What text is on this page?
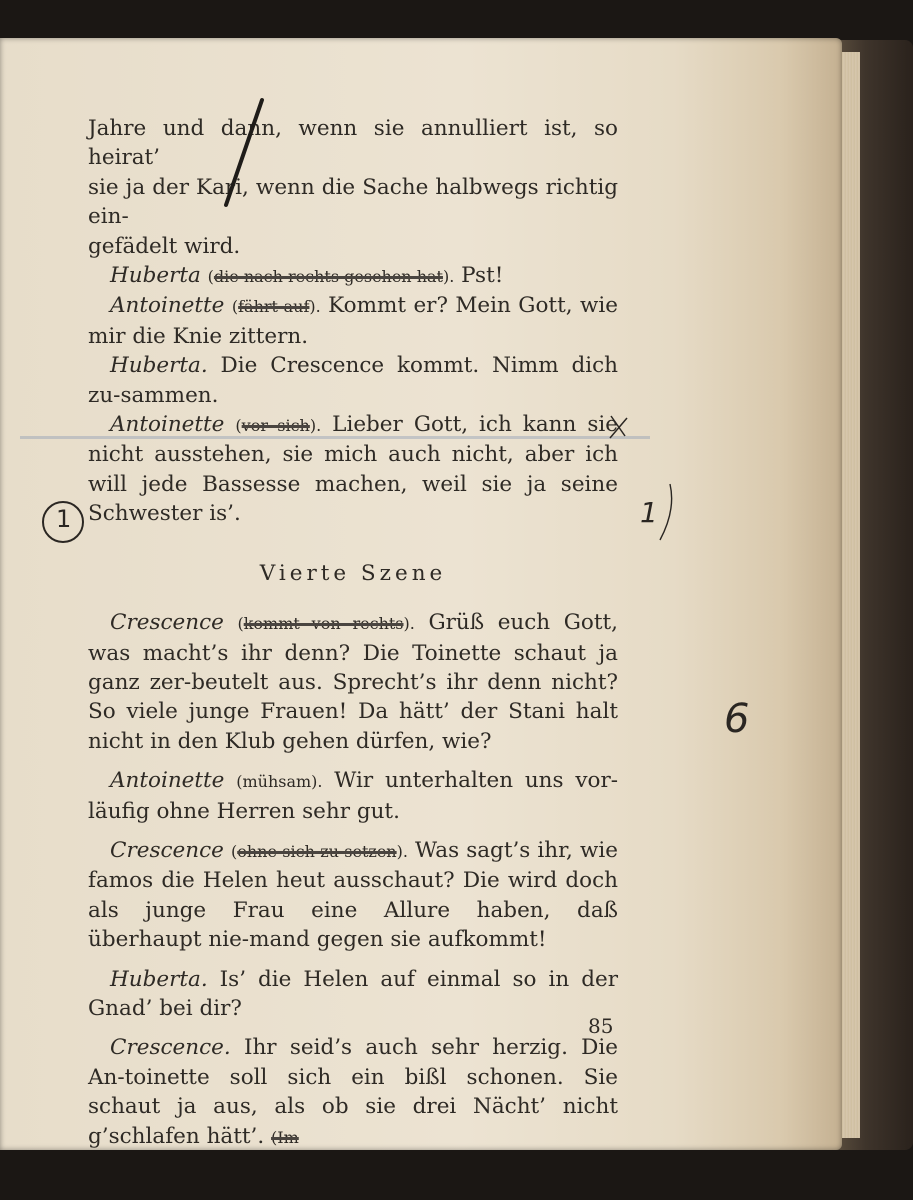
Jahre und dann, wenn sie annulliert ist, so heirat’
sie ja der Kari, wenn die Sache halbwegs richtig ein-
gefädelt wird.

Huberta (die nach rechts gesehen hat). Pst!

Antoinette (fährt auf). Kommt er? Mein Gott, wie mir die Knie zittern.

Huberta. Die Crescence kommt. Nimm dich zu-sammen.

Antoinette (vor sich). Lieber Gott, ich kann sie nicht ausstehen, sie mich auch nicht, aber ich will jede Bassesse machen, weil sie ja seine Schwester is’.

Vierte Szene

Crescence (kommt von rechts). Grüß euch Gott, was macht’s ihr denn? Die Toinette schaut ja ganz zer-beutelt aus. Sprecht’s ihr denn nicht? So viele junge Frauen! Da hätt’ der Stani halt nicht in den Klub gehen dürfen, wie?

Antoinette (mühsam). Wir unterhalten uns vor-läufig ohne Herren sehr gut.

Crescence (ohne sich zu setzen). Was sagt’s ihr, wie famos die Helen heut ausschaut? Die wird doch als junge Frau eine Allure haben, daß überhaupt nie-mand gegen sie aufkommt!

Huberta. Is’ die Helen auf einmal so in der Gnad’ bei dir?

Crescence. Ihr seid’s auch sehr herzig. Die An-toinette soll sich ein bißl schonen. Sie schaut ja aus, als ob sie drei Nächt’ nicht g’schlafen hätt’. (Im

85
1	1
6
